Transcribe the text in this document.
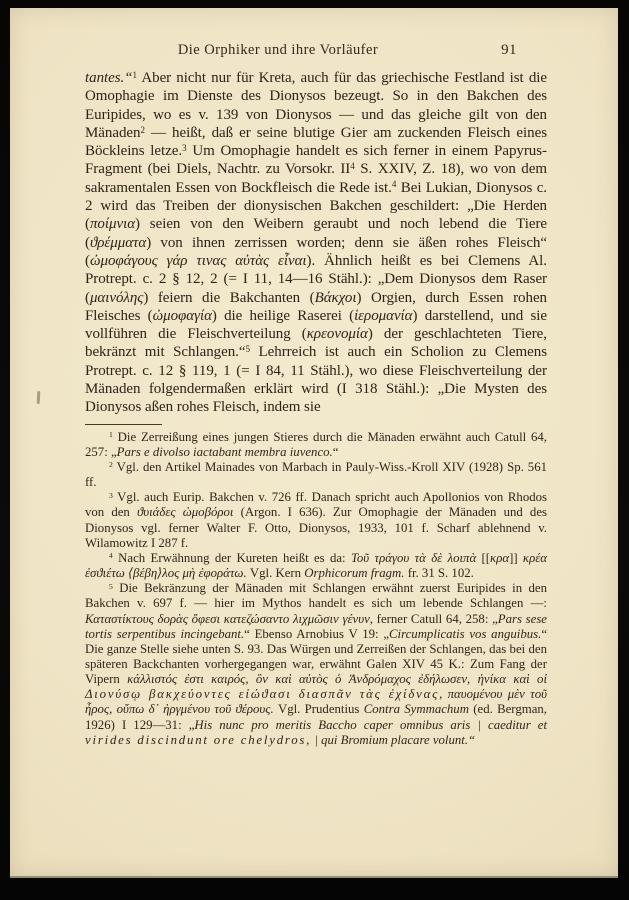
Die Orphiker und ihre Vorläufer	91
tantes.“$^1$ Aber nicht nur für Kreta, auch für das griechische Festland ist die Omophagie im Dienste des Dionysos bezeugt. So in den Bakchen des Euripides, wo es v. 139 von Dionysos — und das gleiche gilt von den Mänaden$^2$ — heißt, daß er seine blutige Gier am zuckenden Fleisch eines Böckleins letze.$^3$ Um Omophagie handelt es sich ferner in einem Papyrus-Fragment (bei Diels, Nachtr. zu Vorsokr. $II^4$ S. XXIV, Z. 18), wo von dem sakramentalen Essen von Bockfleisch die Rede ist.$^4$ Bei Lukian, Dionysos c. 2 wird das Treiben der dionysischen Bakchen geschildert: „Die Herden (ποίμνια) seien von den Weibern geraubt und noch lebend die Tiere (ϑρέμματα) von ihnen zerrissen worden; denn sie äßen rohes Fleisch“ (ὠμοφάγους γάρ τινας αὐτὰς εἶναι). Ähnlich heißt es bei Clemens Al. Protrept. c. 2 § 12, 2 (= I 11, 14—16 Stähl.): „Dem Dionysos dem Raser (μαινόλης) feiern die Bakchanten (Βάκχοι) Orgien, durch Essen rohen Fleisches (ὠμοφαγία) die heilige Raserei (ἱερομανία) darstellend, und sie vollführen die Fleischverteilung (κρεονομία) der geschlachteten Tiere, bekränzt mit Schlangen.“$^5$ Lehrreich ist auch ein Scholion zu Clemens Protrept. c. 12 § 119, 1 (= I 84, 11 Stähl.), wo diese Fleischverteilung der Mänaden folgendermaßen erklärt wird (I 318 Stähl.): „Die Mysten des Dionysos aßen rohes Fleisch, indem sie

$^1$ Die Zerreißung eines jungen Stieres durch die Mänaden erwähnt auch Catull 64, 257: „Pars e divolso iactabant membra iuvenco.“

$^2$ Vgl. den Artikel Mainades von Marbach in Pauly-Wiss.-Kroll XIV (1928) Sp. 561 ff.

$^3$ Vgl. auch Eurip. Bakchen v. 726 ff. Danach spricht auch Apollonios von Rhodos von den ϑυιάδες ὠμοβόροι (Argon. I 636). Zur Omophagie der Mänaden und des Dionysos vgl. ferner Walter F. Otto, Dionysos, 1933, 101 f. Scharf ablehnend v. Wilamowitz I 287 f.

$^4$ Nach Erwähnung der Kureten heißt es da: Τοῦ τράγου τὰ δὲ λοιπὰ [[κρα]] κρέα ἐσϑιέτω ⟨βέβη⟩λος μὴ ἐφοράτω. Vgl. Kern Orphicorum fragm. fr. 31 S. 102.

$^5$ Die Bekränzung der Mänaden mit Schlangen erwähnt zuerst Euripides in den Bakchen v. 697 f. — hier im Mythos handelt es sich um lebende Schlangen —: Καταστίκτους δορὰς ὄφεσι κατεζώσαντο λιχμῶσιν γένυν, ferner Catull 64, 258: „Pars sese tortis serpentibus incingebant.“ Ebenso Arnobius V 19: „Circumplicatis vos anguibus.“ Die ganze Stelle siehe unten S. 93. Das Würgen und Zerreißen der Schlangen, das bei den späteren Backchanten vorhergegangen war, erwähnt Galen XIV 45 K.: Zum Fang der Vipern κάλλιστός ἐστι καιρός, ὃν καὶ αὐτὸς ὁ Ἀνδρόμαχος ἐδήλωσεν, ἡνίκα καὶ οἱ Διονύσῳ βακχεύοντες εἰώϑασι διασπᾶν τὰς ἐχίδνας, παυομένου μὲν τοῦ ἦρος, οὔπω δ᾽ ἠργμένου τοῦ ϑέρους. Vgl. Prudentius Contra Symmachum (ed. Bergman, 1926) I 129—31: „His nunc pro meritis Baccho caper omnibus aris | caeditur et virides discindunt ore chelydros, | qui Bromium placare volunt.“
